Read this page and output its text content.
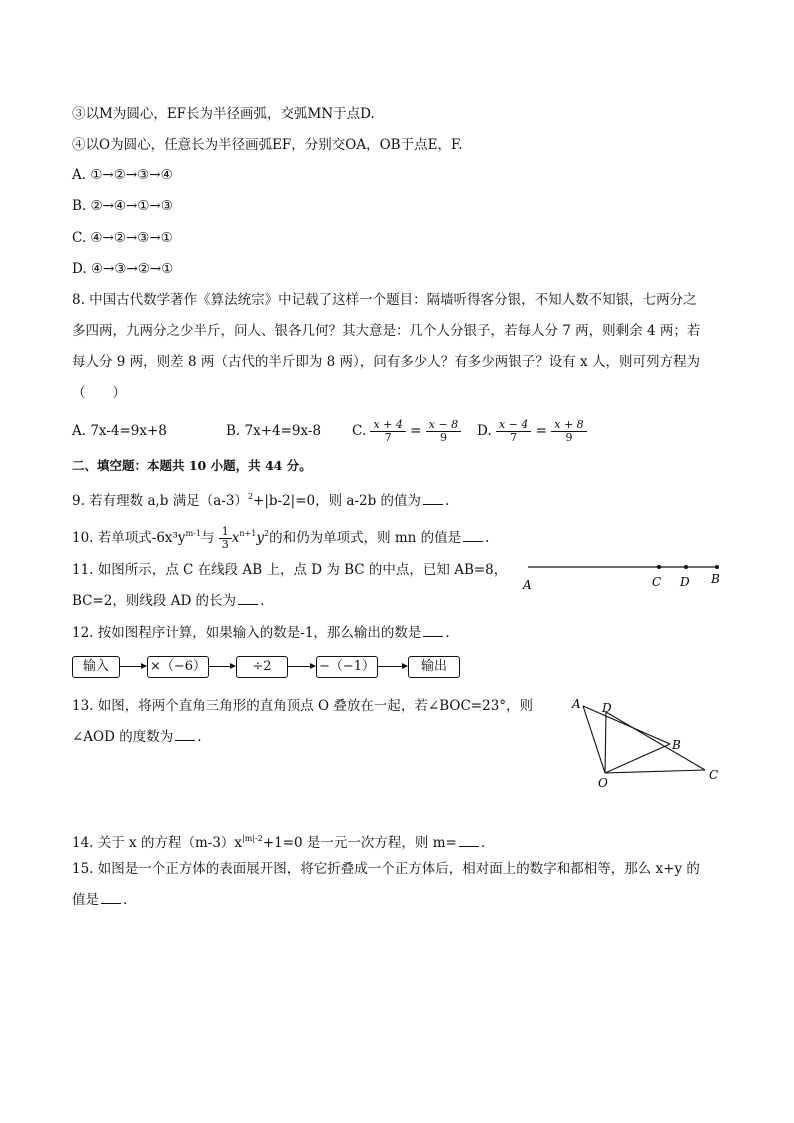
③以M为圆心，EF长为半径画弧，交弧MN于点D.
④以O为圆心，任意长为半径画弧EF，分别交OA，OB于点E，F.
A. ①→②→③→④
B. ②→④→①→③
C. ④→②→③→①
D. ④→③→②→①
8. 中国古代数学著作《算法统宗》中记载了这样一个题目：隔墙听得客分银，不知人数不知银，七两分之
多四两，九两分之少半斤，问人、银各几何？其大意是：几个人分银子，若每人分 7 两，则剩余 4 两；若
每人分 9 两，则差 8 两（古代的半斤即为 8 两），问有多少人？有多少两银子？设有 x 人，则可列方程为
（　　）
A. 7x-4=9x+8	B. 7x+4=9x-8 C. $\frac{x + 4}{7} = \frac{x - 8}{9} D$. $\frac{x - 4}{7} = \frac{x + 8}{9}$
二、填空题：本题共 10 小题，共 44 分。
9. 若有理数 a,b 满足$(a-3)^2+|b-2|=0$，则 a-2b 的值为 .
10. 若单项式$-6x^3y^{m-1}$与 $\frac{1}{3} x^{n+1}y^2$的和仍为单项式，则 mn 的值是 .
11. 如图所示，点 C 在线段 AB 上，点 D 为 BC 的中点，已知 AB=8，
BC=2，则线段 AD 的长为 .
A	C D B
12. 按如图程序计算，如果输入的数是-1，那么输出的数是 .
输入	×（−6）	÷2	−（−1）	输出
13. 如图，将两个直角三角形的直角顶点 O 叠放在一起，若∠BOC=23°，则
∠AOD 的度数为 .
A D
B
O
C
14. 关于 x 的方程$(m-3)x^{|m|-2}+1=0$ 是一元一次方程，则 m= .
15. 如图是一个正方体的表面展开图，将它折叠成一个正方体后，相对面上的数字和都相等，那么 x+y 的
值是 .
